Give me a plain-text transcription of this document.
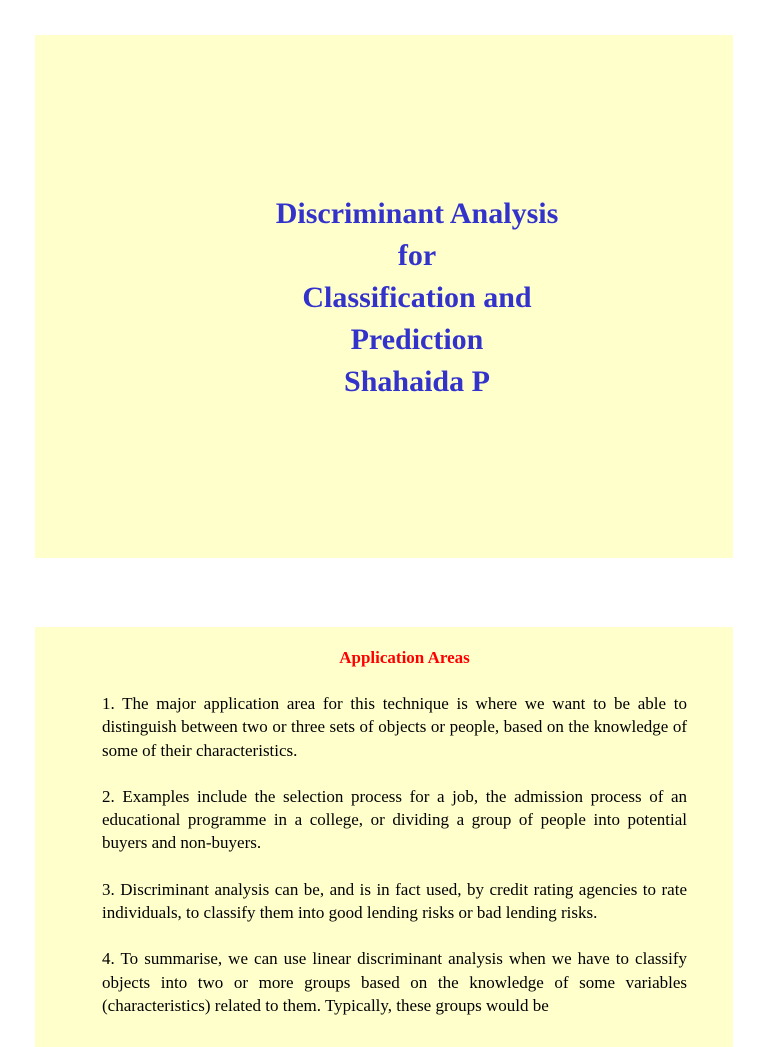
Discriminant Analysis
for
Classification and
Prediction
Shahaida P
Application Areas
1. The major application area for this technique is where we want to be able to distinguish between two or three sets of objects or people, based on the knowledge of some of their characteristics.
2. Examples include the selection process for a job, the admission process of an educational programme in a college, or dividing a group of people into potential buyers and non-buyers.
3. Discriminant analysis can be, and is in fact used, by credit rating agencies to rate individuals, to classify them into good lending risks or bad lending risks.
4. To summarise, we can use linear discriminant analysis when we have to classify objects into two or more groups based on the knowledge of some variables (characteristics) related to them. Typically, these groups would be
